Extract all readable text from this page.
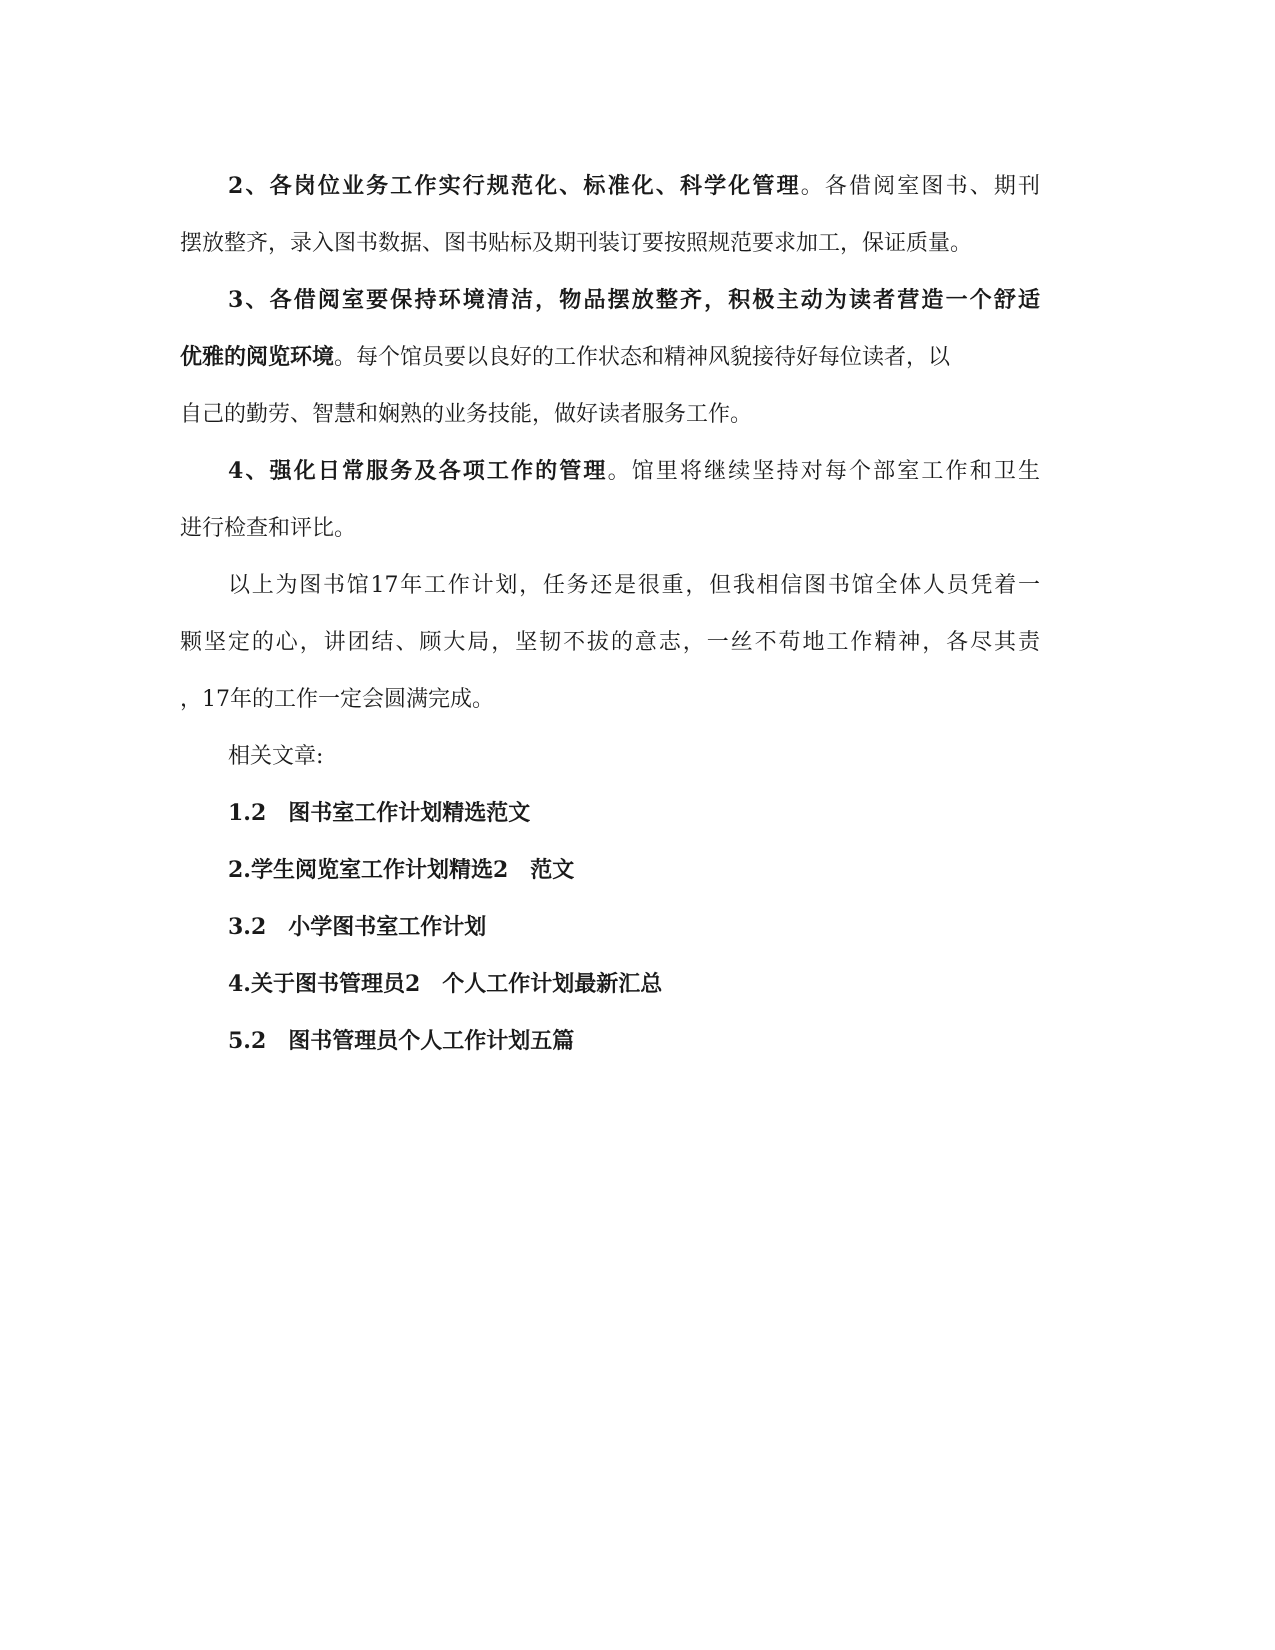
2、各岗位业务工作实行规范化、标准化、科学化管理。各借阅室图书、期刊
摆放整齐，录入图书数据、图书贴标及期刊装订要按照规范要求加工，保证质量。
3、各借阅室要保持环境清洁，物品摆放整齐，积极主动为读者营造一个舒适
优雅的阅览环境。每个馆员要以良好的工作状态和精神风貌接待好每位读者，以
自己的勤劳、智慧和娴熟的业务技能，做好读者服务工作。
4、强化日常服务及各项工作的管理。馆里将继续坚持对每个部室工作和卫生
进行检查和评比。
以上为图书馆17年工作计划，任务还是很重，但我相信图书馆全体人员凭着一
颗坚定的心，讲团结、顾大局，坚韧不拔的意志，一丝不苟地工作精神，各尽其责
，17年的工作一定会圆满完成。
相关文章:
1.2 图书室工作计划精选范文
2.学生阅览室工作计划精选2 范文
3.2 小学图书室工作计划
4.关于图书管理员2 个人工作计划最新汇总
5.2 图书管理员个人工作计划五篇
